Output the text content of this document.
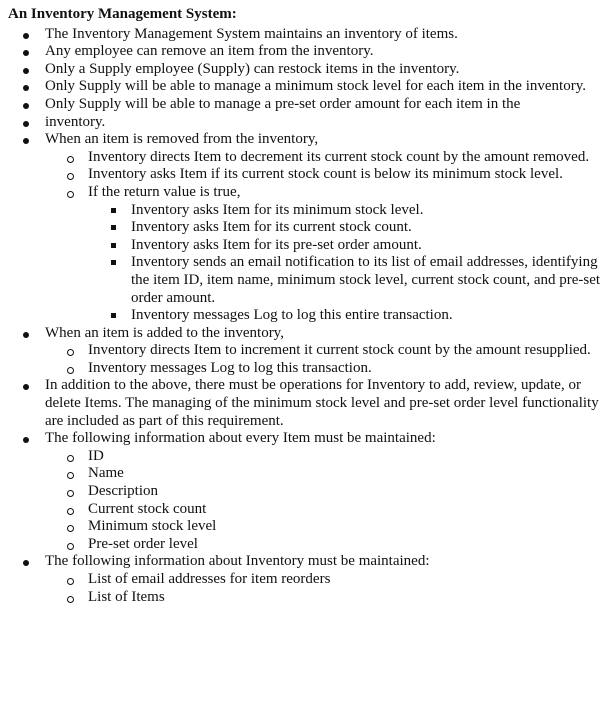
An Inventory Management System:
The Inventory Management System maintains an inventory of items.
Any employee can remove an item from the inventory.
Only a Supply employee (Supply) can restock items in the inventory.
Only Supply will be able to manage a minimum stock level for each item in the inventory.
Only Supply will be able to manage a pre-set order amount for each item in the
inventory.
When an item is removed from the inventory,
Inventory directs Item to decrement its current stock count by the amount removed.
Inventory asks Item if its current stock count is below its minimum stock level.
If the return value is true,
Inventory asks Item for its minimum stock level.
Inventory asks Item for its current stock count.
Inventory asks Item for its pre-set order amount.
Inventory sends an email notification to its list of email addresses, identifying the item ID, item name, minimum stock level, current stock count, and pre-set order amount.
Inventory messages Log to log this entire transaction.
When an item is added to the inventory,
Inventory directs Item to increment it current stock count by the amount resupplied.
Inventory messages Log to log this transaction.
In addition to the above, there must be operations for Inventory to add, review, update, or delete Items. The managing of the minimum stock level and pre-set order level functionality are included as part of this requirement.
The following information about every Item must be maintained:
ID
Name
Description
Current stock count
Minimum stock level
Pre-set order level
The following information about Inventory must be maintained:
List of email addresses for item reorders
List of Items
